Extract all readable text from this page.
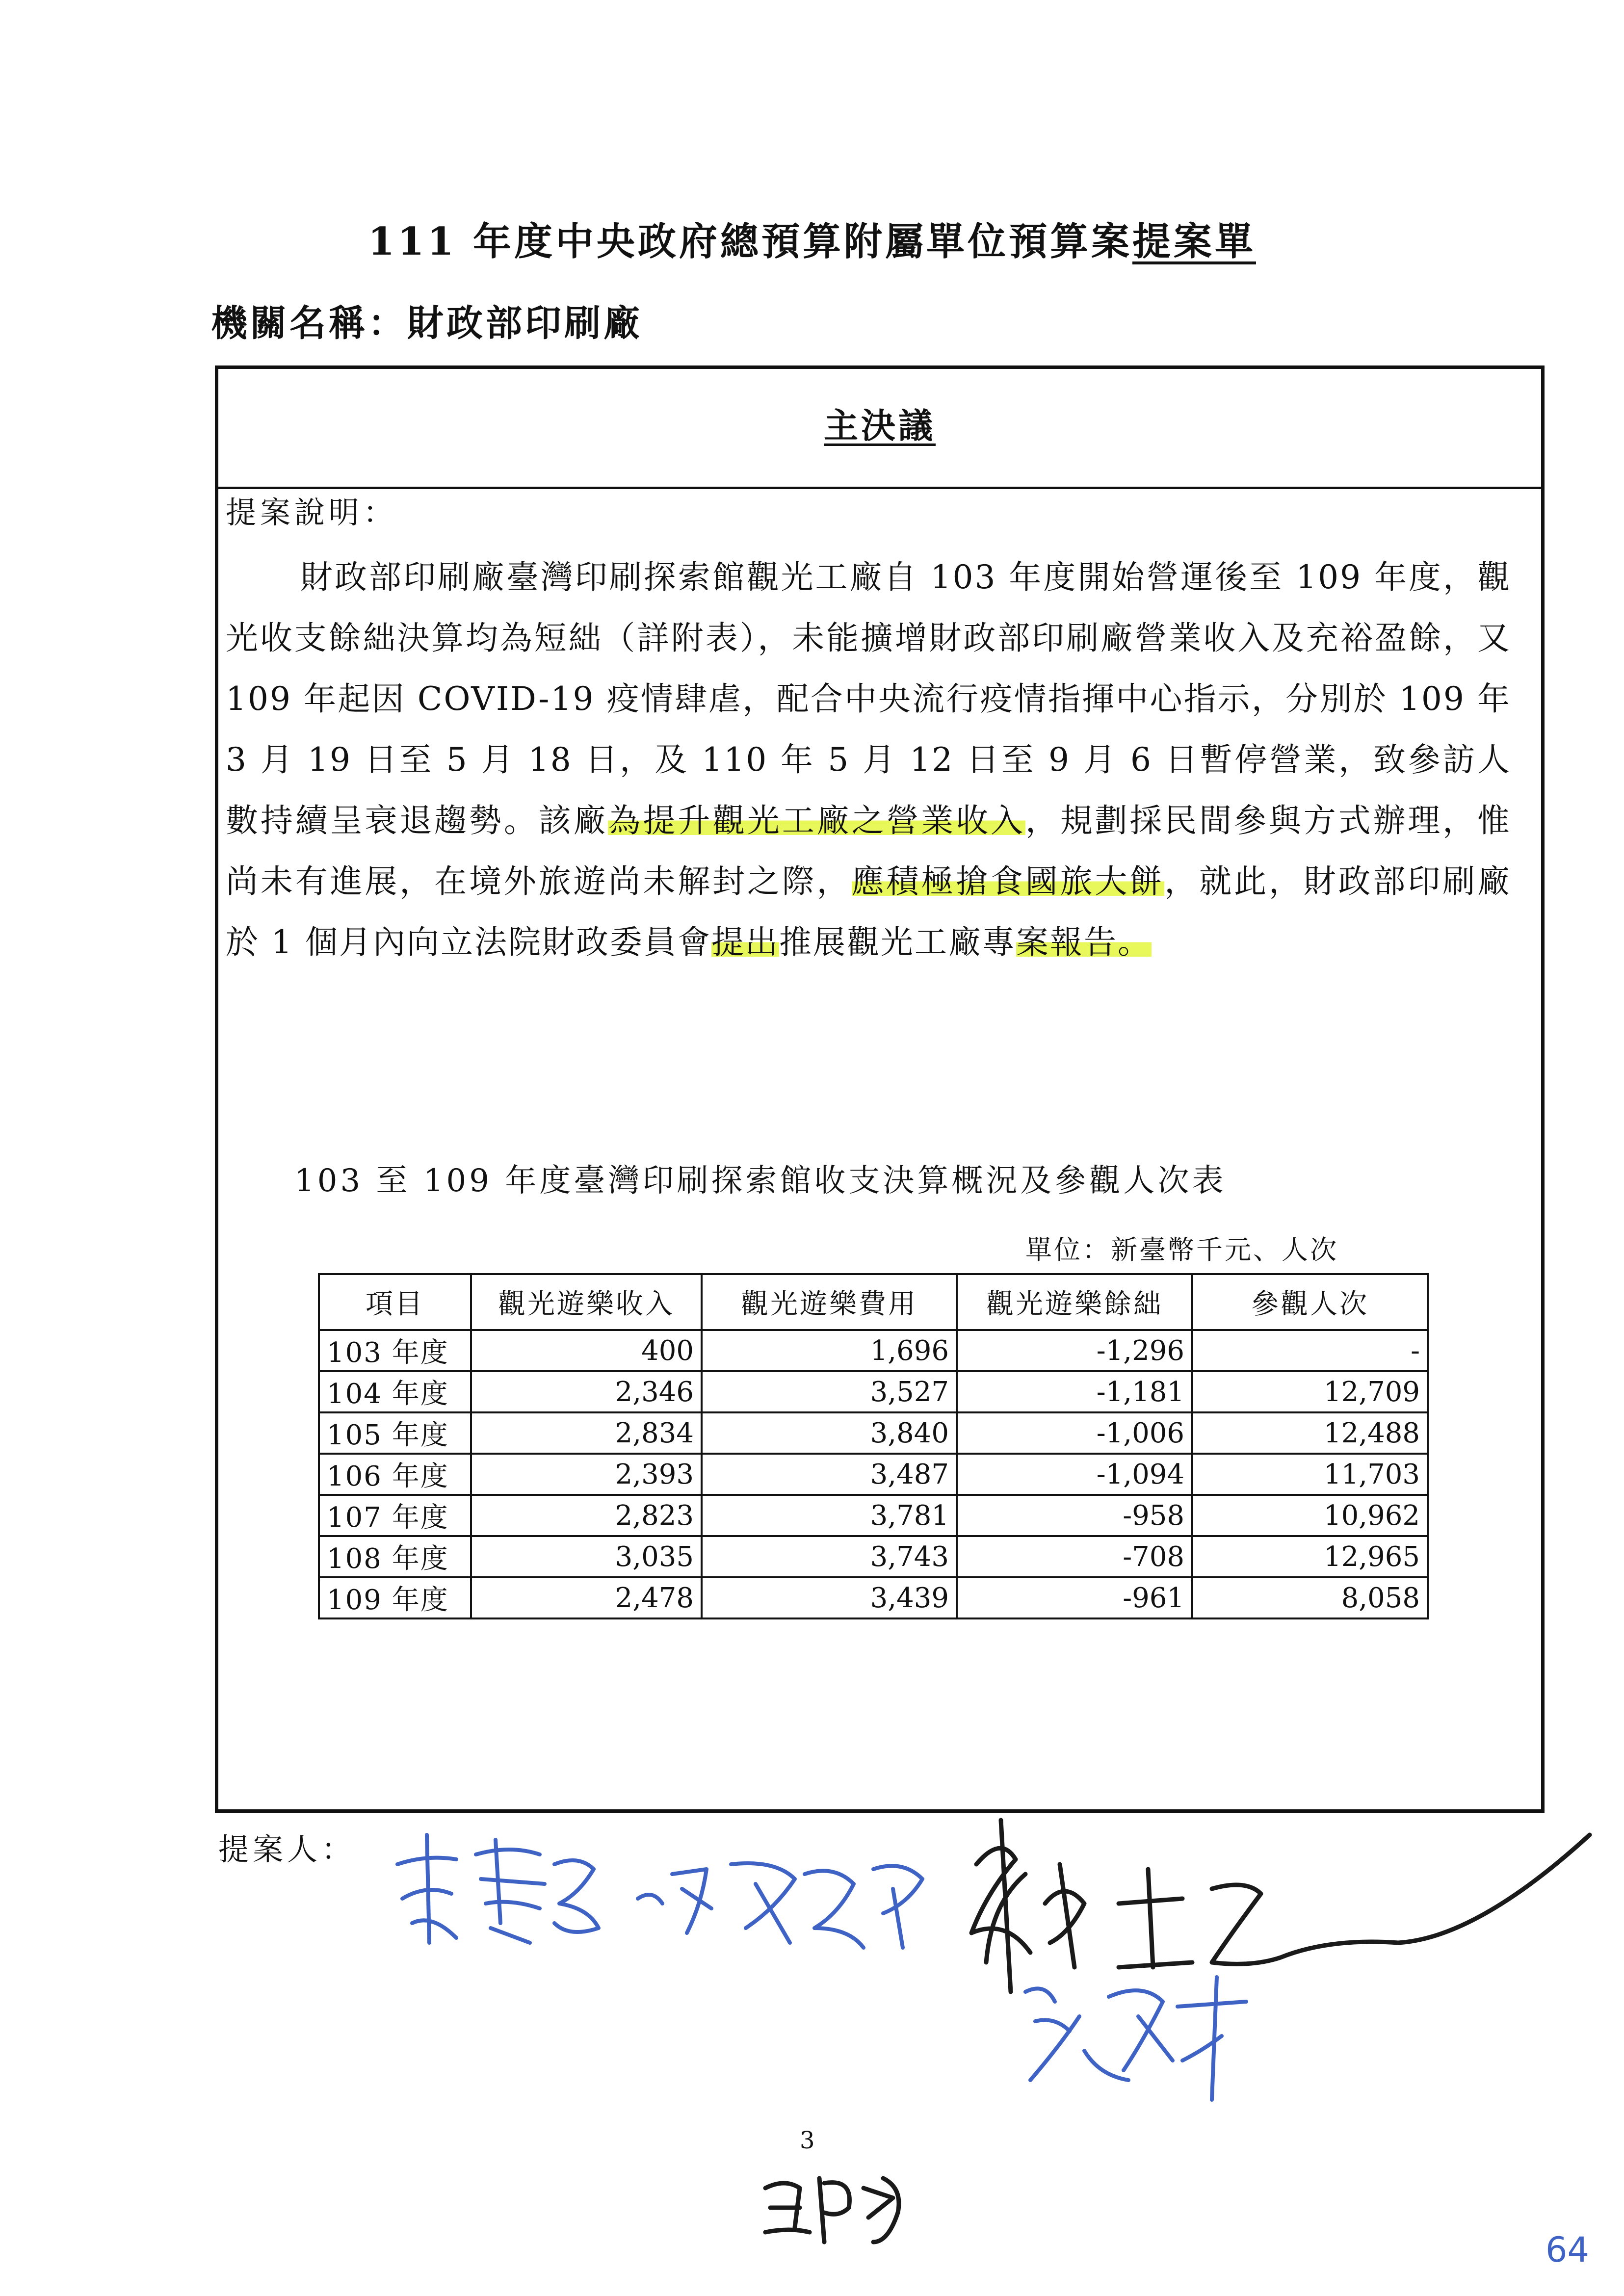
111 年度中央政府總預算附屬單位預算案提案單
機關名稱：財政部印刷廠
主決議
提案說明：
財政部印刷廠臺灣印刷探索館觀光工廠自 103 年度開始營運後至 109 年度，觀光收支餘絀決算均為短絀（詳附表），未能擴增財政部印刷廠營業收入及充裕盈餘，又 109 年起因 COVID-19 疫情肆虐，配合中央流行疫情指揮中心指示，分別於 109 年 3 月 19 日至 5 月 18 日，及 110 年 5 月 12 日至 9 月 6 日暫停營業，致參訪人數持續呈衰退趨勢。該廠為提升觀光工廠之營業收入，規劃採民間參與方式辦理，惟尚未有進展，在境外旅遊尚未解封之際，應積極搶食國旅大餅，就此，財政部印刷廠於 1 個月內向立法院財政委員會提出推展觀光工廠專案報告。
103 至 109 年度臺灣印刷探索館收支決算概況及參觀人次表
單位：新臺幣千元、人次
項目	觀光遊樂收入	觀光遊樂費用	觀光遊樂餘絀	參觀人次
103 年度	400	1,696	-1,296	-
104 年度	2,346	3,527	-1,181	12,709
105 年度	2,834	3,840	-1,006	12,488
106 年度	2,393	3,487	-1,094	11,703
107 年度	2,823	3,781	-958	10,962
108 年度	3,035	3,743	-708	12,965
109 年度	2,478	3,439	-961	8,058
提案人：
3
64
